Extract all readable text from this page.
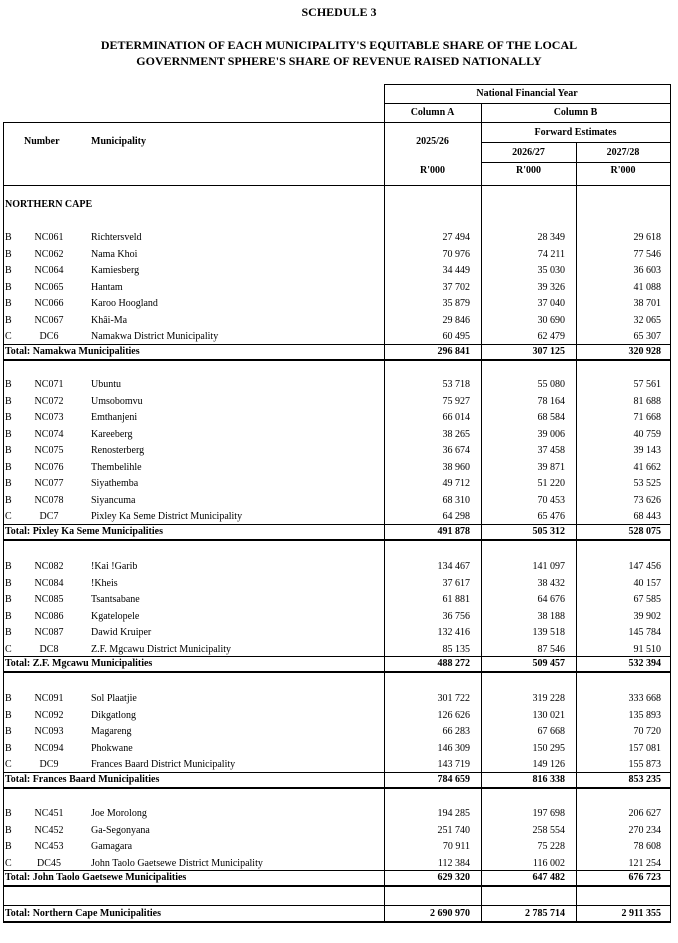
SCHEDULE 3
DETERMINATION OF EACH MUNICIPALITY'S EQUITABLE SHARE OF THE LOCAL
GOVERNMENT SPHERE'S SHARE OF REVENUE RAISED NATIONALLY
National Financial Year
Column A	Column B
Forward Estimates
Number	Municipality	2025/26
2026/27	2027/28
R'000	R'000	R'000
NORTHERN CAPE
B	NC061	Richtersveld	27 494	28 349	29 618
B	NC062	Nama Khoi	70 976	74 211	77 546
B	NC064	Kamiesberg	34 449	35 030	36 603
B	NC065	Hantam	37 702	39 326	41 088
B	NC066	Karoo Hoogland	35 879	37 040	38 701
B	NC067	Khâi-Ma	29 846	30 690	32 065
C	DC6	Namakwa District Municipality	60 495	62 479	65 307
Total: Namakwa Municipalities	296 841	307 125	320 928
B	NC071	Ubuntu	53 718	55 080	57 561
B	NC072	Umsobomvu	75 927	78 164	81 688
B	NC073	Emthanjeni	66 014	68 584	71 668
B	NC074	Kareeberg	38 265	39 006	40 759
B	NC075	Renosterberg	36 674	37 458	39 143
B	NC076	Thembelihle	38 960	39 871	41 662
B	NC077	Siyathemba	49 712	51 220	53 525
B	NC078	Siyancuma	68 310	70 453	73 626
C	DC7	Pixley Ka Seme District Municipality	64 298	65 476	68 443
Total: Pixley Ka Seme Municipalities	491 878	505 312	528 075
B	NC082	!Kai !Garib	134 467	141 097	147 456
B	NC084	!Kheis	37 617	38 432	40 157
B	NC085	Tsantsabane	61 881	64 676	67 585
B	NC086	Kgatelopele	36 756	38 188	39 902
B	NC087	Dawid Kruiper	132 416	139 518	145 784
C	DC8	Z.F. Mgcawu District Municipality	85 135	87 546	91 510
Total: Z.F. Mgcawu Municipalities	488 272	509 457	532 394
B	NC091	Sol Plaatjie	301 722	319 228	333 668
B	NC092	Dikgatlong	126 626	130 021	135 893
B	NC093	Magareng	66 283	67 668	70 720
B	NC094	Phokwane	146 309	150 295	157 081
C	DC9	Frances Baard District Municipality	143 719	149 126	155 873
Total: Frances Baard Municipalities	784 659	816 338	853 235
B	NC451	Joe Morolong	194 285	197 698	206 627
B	NC452	Ga-Segonyana	251 740	258 554	270 234
B	NC453	Gamagara	70 911	75 228	78 608
C	DC45	John Taolo Gaetsewe District Municipality	112 384	116 002	121 254
Total: John Taolo Gaetsewe Municipalities	629 320	647 482	676 723
Total: Northern Cape Municipalities	2 690 970	2 785 714	2 911 355
